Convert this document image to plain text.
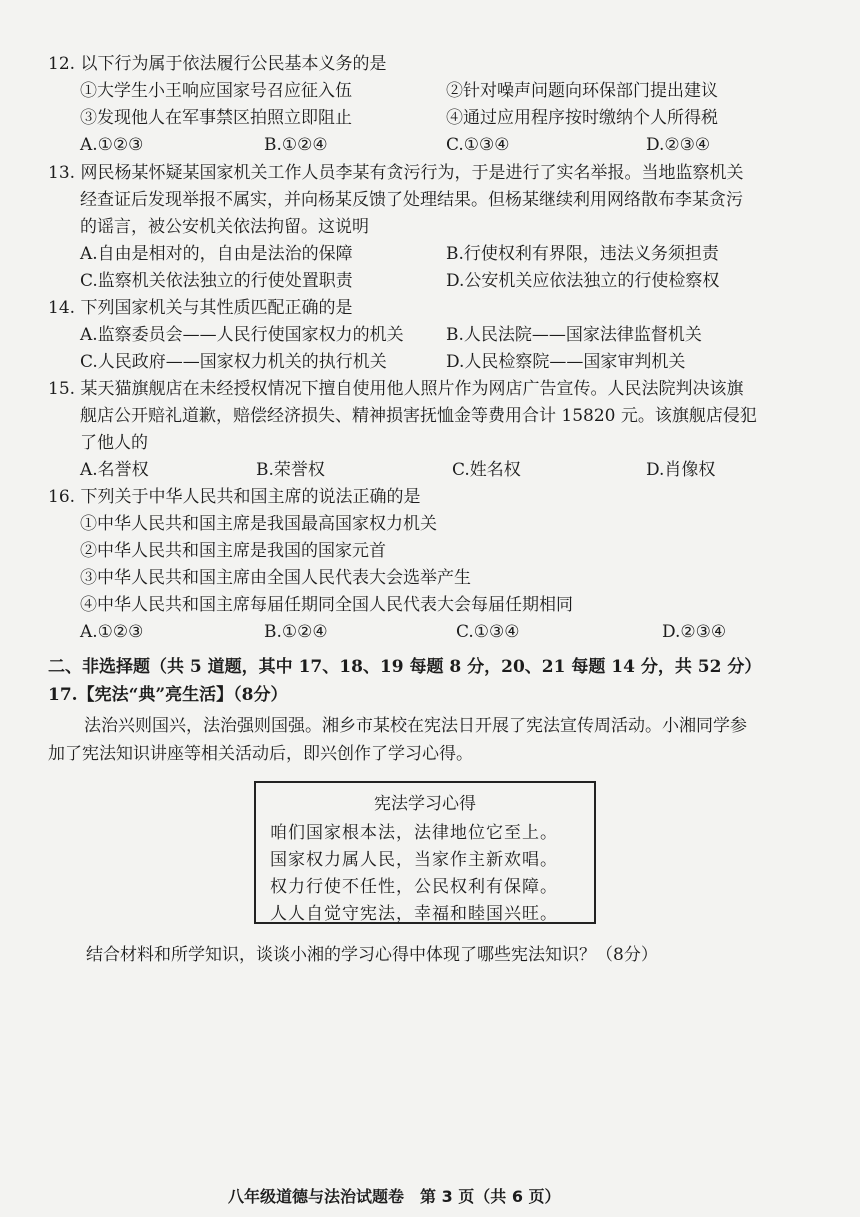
12. 以下行为属于依法履行公民基本义务的是
①大学生小王响应国家号召应征入伍	②针对噪声问题向环保部门提出建议
③发现他人在军事禁区拍照立即阻止	④通过应用程序按时缴纳个人所得税
A.①②③	B.①②④	C.①③④	D.②③④
13. 网民杨某怀疑某国家机关工作人员李某有贪污行为，于是进行了实名举报。当地监察机关
经查证后发现举报不属实，并向杨某反馈了处理结果。但杨某继续利用网络散布李某贪污
的谣言，被公安机关依法拘留。这说明
A.自由是相对的，自由是法治的保障	B.行使权利有界限，违法义务须担责
C.监察机关依法独立的行使处置职责	D.公安机关应依法独立的行使检察权
14. 下列国家机关与其性质匹配正确的是
A.监察委员会——人民行使国家权力的机关 B.人民法院——国家法律监督机关
C.人民政府——国家权力机关的执行机关	D.人民检察院——国家审判机关
15. 某天猫旗舰店在未经授权情况下擅自使用他人照片作为网店广告宣传。人民法院判决该旗
舰店公开赔礼道歉，赔偿经济损失、精神损害抚恤金等费用合计 15820 元。该旗舰店侵犯
了他人的
A.名誉权	B.荣誉权	C.姓名权	D.肖像权
16. 下列关于中华人民共和国主席的说法正确的是
①中华人民共和国主席是我国最高国家权力机关
②中华人民共和国主席是我国的国家元首
③中华人民共和国主席由全国人民代表大会选举产生
④中华人民共和国主席每届任期同全国人民代表大会每届任期相同
A.①②③	B.①②④	C.①③④	D.②③④
二、非选择题（共 5 道题，其中 17、18、19 每题 8 分，20、21 每题 14 分，共 52 分）
17.【宪法“典”亮生活】（8分）
法治兴则国兴，法治强则国强。湘乡市某校在宪法日开展了宪法宣传周活动。小湘同学参
加了宪法知识讲座等相关活动后，即兴创作了学习心得。
宪法学习心得
咱们国家根本法，法律地位它至上。
国家权力属人民，当家作主新欢唱。
权力行使不任性，公民权利有保障。
人人自觉守宪法，幸福和睦国兴旺。
结合材料和所学知识，谈谈小湘的学习心得中体现了哪些宪法知识？（8分）
八年级道德与法治试题卷　第 3 页（共 6 页）
